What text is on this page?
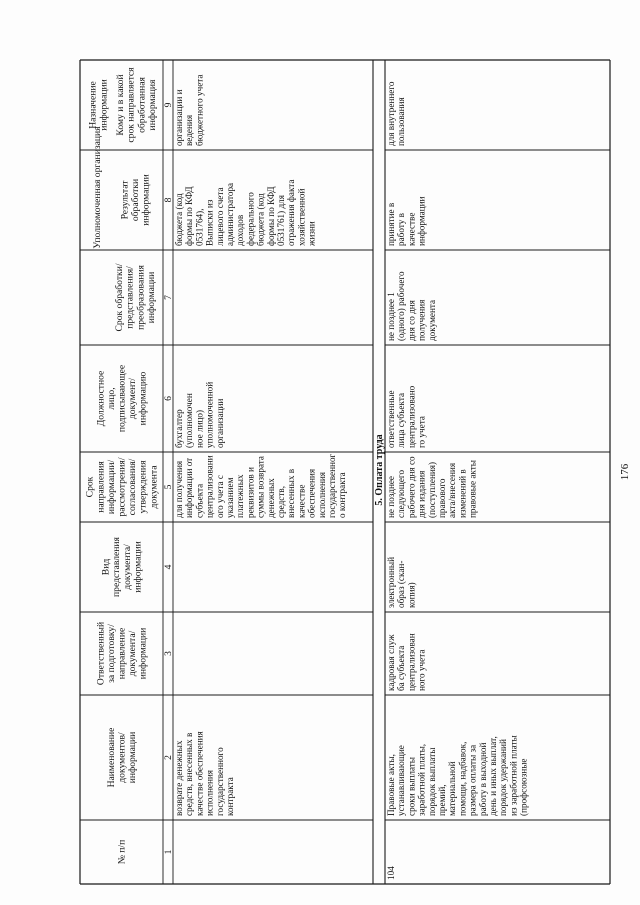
№ п/п	1
Наименование документов/ информации	2
Ответственный за подготовку/ направление документа/ информации 3
Вид представления документа/ информации 4
Срок направления информации/ рассмотрения/ согласования/ утверждения документа 5
Должностное лицо, подписывающее документ/ информацию 6
Срок обработки/ представления/ преобразования информации 7
Результат обработки информации 8
Назначение информации Кому и в какой срок направляется обработанная информация 9
Уполномоченная организация
возврате денежных средств, внесенных в качестве обеспечения исполнения государственного контракта
для получения информации от субъекта централизовани ого учета с указанием платежных реквизитов и суммы возврата денежных средств, внесенных в качестве обеспечения исполнения государственног о контракта
бухгалтер (уполномочен ное лицо) уполномоченной организации
бюджета (код формы по КФД 0531764), Выписки из лицевого счета администратора доходов федерального бюджета (код формы по КФД 0531761) для отражения факта хозяйственной жизни
организации и ведения бюджетного учета
5. Оплата труда
104
Правовые акты, устанавливающие сроки выплаты заработной платы, порядок выплаты премий, материальной помощи, надбавок, размера оплаты за работу в выходной день и иных выплат, порядок удержаний из заработной платы (профсоюзные
кадровая служ ба субъекта централизован ного учета
электронный образ (скан- копия)
не позднее следующего рабочего дня со дня издания (поступления) правового акта/внесения изменений в правовые акты
ответственные лица субъекта централизовано го учета
не позднее 1 (одного) рабочего дня со дня получения документа
принятие в работу в качестве информации
для внутреннего пользования
176
